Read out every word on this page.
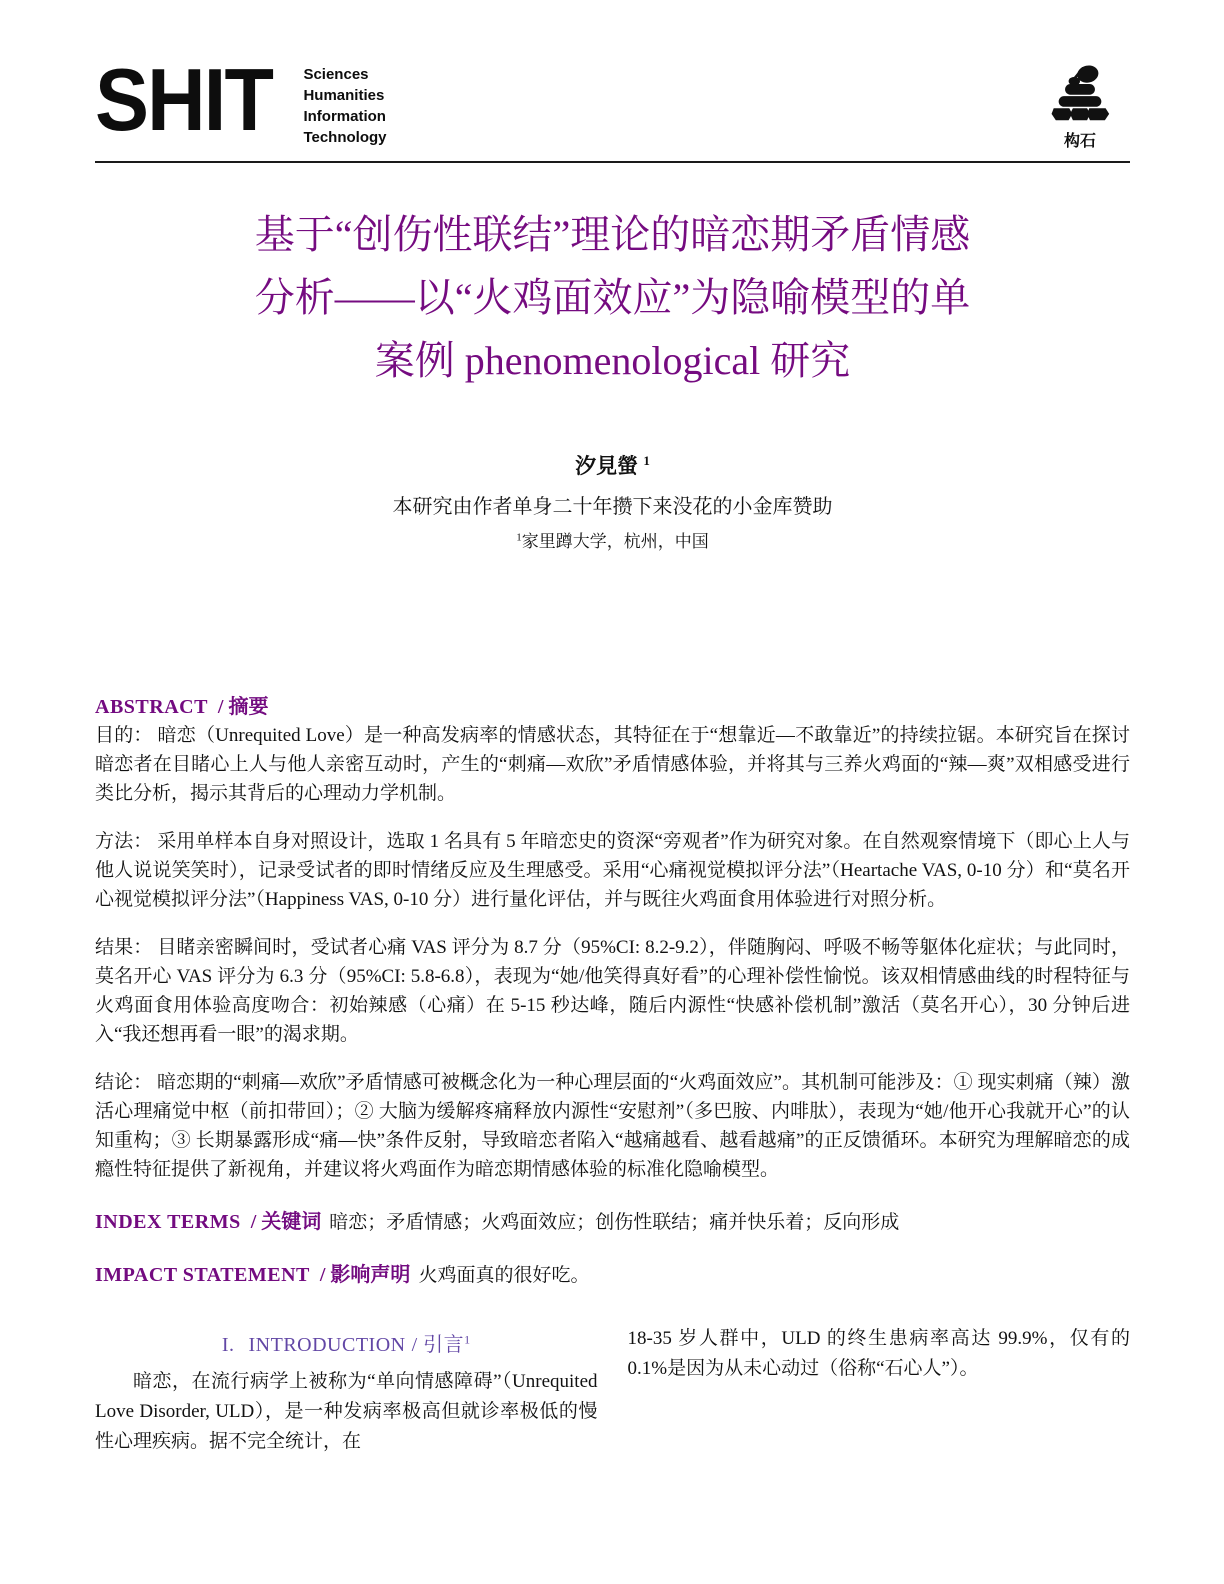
SHIT Sciences
Humanities
Information
Technology	构石
基于“创伤性联结”理论的暗恋期矛盾情感
分析——以“火鸡面效应”为隐喻模型的单
案例 phenomenological 研究
汐見螢 $^1$
本研究由作者单身二十年攒下来没花的小金库赞助
$^1$家里蹲大学，杭州，中国
ABSTRACT / 摘要

目的： 暗恋（Unrequited Love）是一种高发病率的情感状态，其特征在于“想靠近—不敢靠近”的持续拉锯。本研究旨在探讨暗恋者在目睹心上人与他人亲密互动时，产生的“刺痛—欢欣”矛盾情感体验，并将其与三养火鸡面的“辣—爽”双相感受进行类比分析，揭示其背后的心理动力学机制。

方法： 采用单样本自身对照设计，选取 1 名具有 5 年暗恋史的资深“旁观者”作为研究对象。在自然观察情境下（即心上人与他人说说笑笑时），记录受试者的即时情绪反应及生理感受。采用“心痛视觉模拟评分法”（Heartache VAS, 0-10 分）和“莫名开心视觉模拟评分法”（Happiness VAS, 0-10 分）进行量化评估，并与既往火鸡面食用体验进行对照分析。

结果： 目睹亲密瞬间时，受试者心痛 VAS 评分为 8.7 分（95%CI: 8.2-9.2），伴随胸闷、呼吸不畅等躯体化症状；与此同时，莫名开心 VAS 评分为 6.3 分（95%CI: 5.8-6.8），表现为“她/他笑得真好看”的心理补偿性愉悦。该双相情感曲线的时程特征与火鸡面食用体验高度吻合：初始辣感（心痛）在 5-15 秒达峰，随后内源性“快感补偿机制”激活（莫名开心），30 分钟后进入“我还想再看一眼”的渴求期。

结论： 暗恋期的“刺痛—欢欣”矛盾情感可被概念化为一种心理层面的“火鸡面效应”。其机制可能涉及：① 现实刺痛（辣）激活心理痛觉中枢（前扣带回）；② 大脑为缓解疼痛释放内源性“安慰剂”（多巴胺、内啡肽），表现为“她/他开心我就开心”的认知重构；③ 长期暴露形成“痛—快”条件反射，导致暗恋者陷入“越痛越看、越看越痛”的正反馈循环。本研究为理解暗恋的成瘾性特征提供了新视角，并建议将火鸡面作为暗恋期情感体验的标准化隐喻模型。

INDEX TERMS / 关键词 暗恋；矛盾情感；火鸡面效应；创伤性联结；痛并快乐着；反向形成
IMPACT STATEMENT / 影响声明 火鸡面真的很好吃。
I. INTRODUCTION / 引言$^1$

暗恋，在流行病学上被称为“单向情感障碍”（Unrequited Love Disorder, ULD），是一种发病率极高但就诊率极低的慢性心理疾病。据不完全统计，在

18-35 岁人群中，ULD 的终生患病率高达 99.9%，仅有的 0.1%是因为从未心动过（俗称“石心人”）。
